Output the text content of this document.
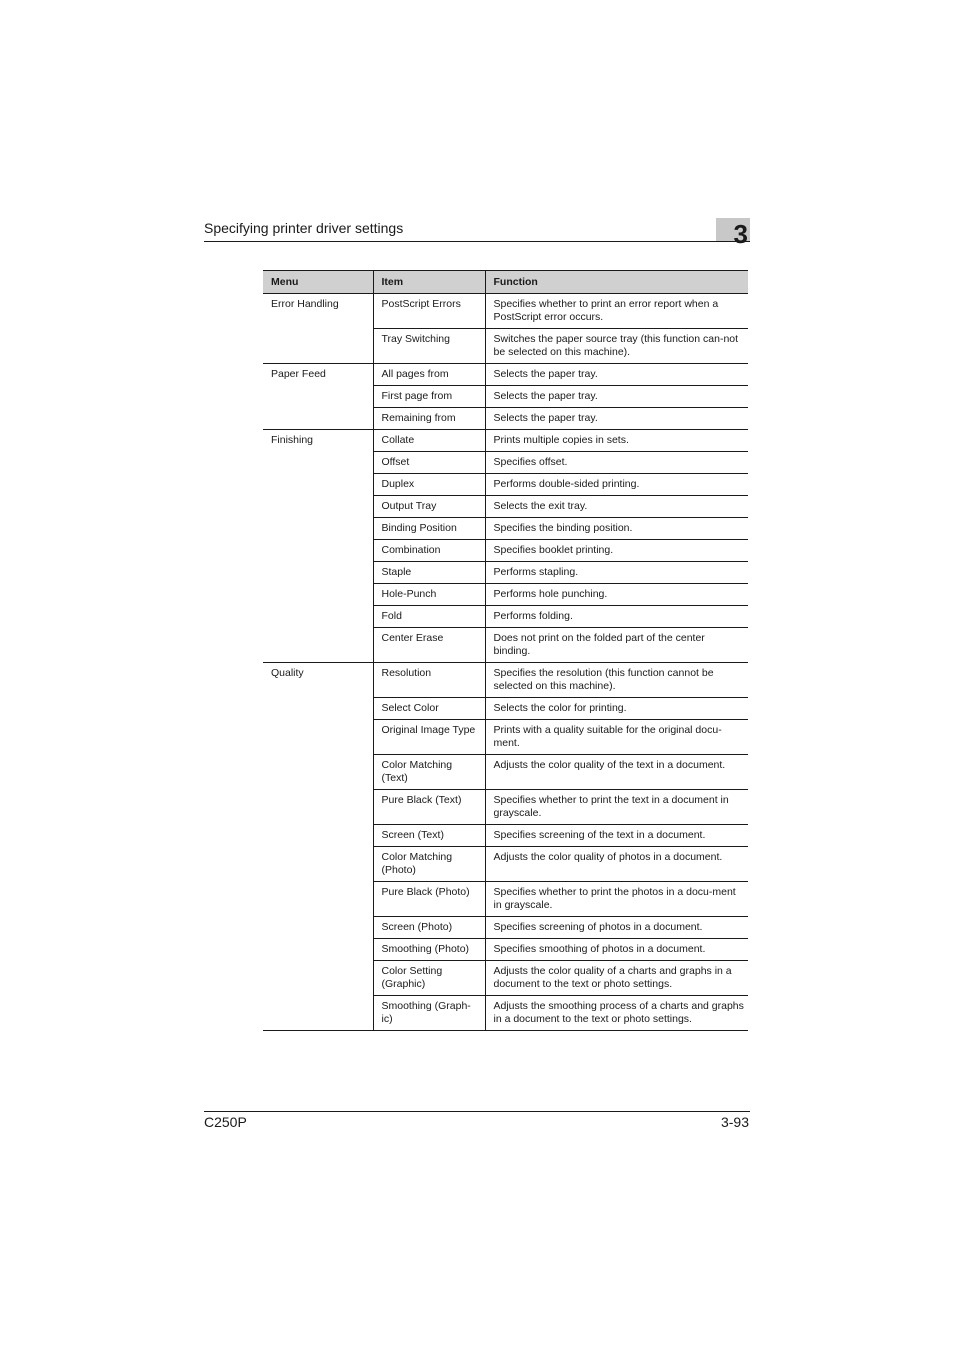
Specifying printer driver settings	3
Menu	Item	Function
Error Handling	PostScript Errors	Specifies whether to print an error report when a PostScript error occurs.
	Tray Switching	Switches the paper source tray (this function can-not be selected on this machine).
Paper Feed	All pages from	Selects the paper tray.
	First page from	Selects the paper tray.
	Remaining from	Selects the paper tray.
Finishing	Collate	Prints multiple copies in sets.
	Offset	Specifies offset.
	Duplex	Performs double-sided printing.
	Output Tray	Selects the exit tray.
	Binding Position	Specifies the binding position.
	Combination	Specifies booklet printing.
	Staple	Performs stapling.
	Hole-Punch	Performs hole punching.
	Fold	Performs folding.
	Center Erase	Does not print on the folded part of the center binding.
Quality	Resolution	Specifies the resolution (this function cannot be selected on this machine).
	Select Color	Selects the color for printing.
	Original Image Type	Prints with a quality suitable for the original docu-ment.
	Color Matching (Text)	Adjusts the color quality of the text in a document.
	Pure Black (Text)	Specifies whether to print the text in a document in grayscale.
	Screen (Text)	Specifies screening of the text in a document.
	Color Matching (Photo)	Adjusts the color quality of photos in a document.
	Pure Black (Photo)	Specifies whether to print the photos in a docu-ment in grayscale.
	Screen (Photo)	Specifies screening of photos in a document.
	Smoothing (Photo)	Specifies smoothing of photos in a document.
	Color Setting (Graphic)	Adjusts the color quality of a charts and graphs in a document to the text or photo settings.
	Smoothing (Graph-ic)	Adjusts the smoothing process of a charts and graphs in a document to the text or photo settings.
C250P	3-93
